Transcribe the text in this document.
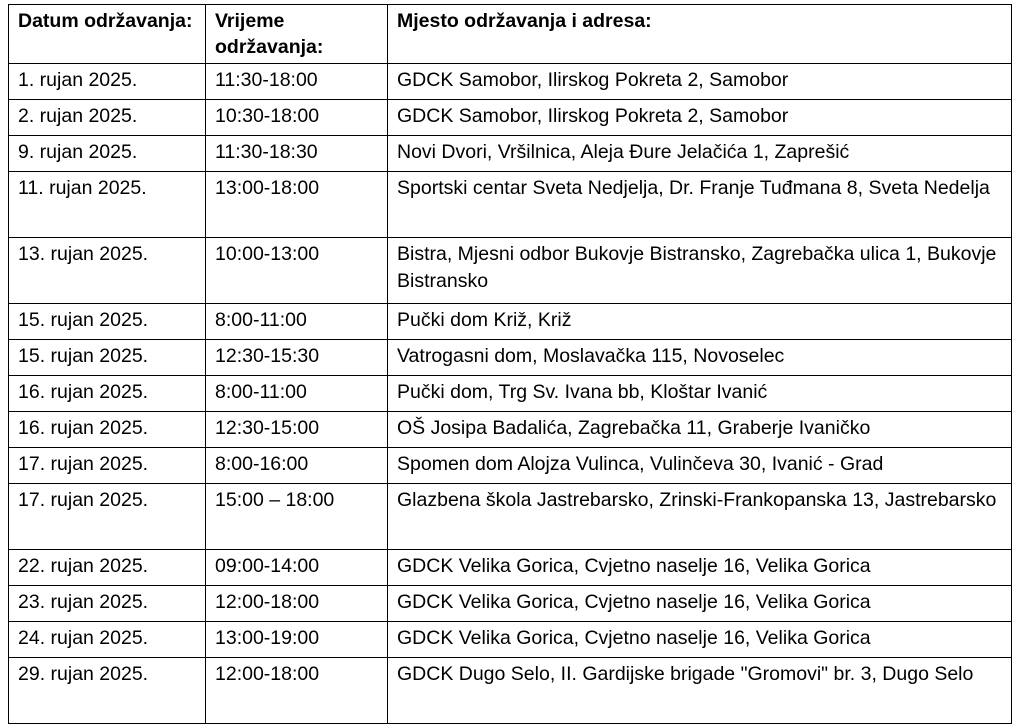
Datum održavanja:	Vrijeme održavanja:	Mjesto održavanja i adresa:
1. rujan 2025.	11:30-18:00	GDCK Samobor, Ilirskog Pokreta 2, Samobor
2. rujan 2025.	10:30-18:00	GDCK Samobor, Ilirskog Pokreta 2, Samobor
9. rujan 2025.	11:30-18:30	Novi Dvori, Vršilnica, Aleja Đure Jelačića 1, Zaprešić
11. rujan 2025.	13:00-18:00	Sportski centar Sveta Nedjelja, Dr. Franje Tuđmana 8, Sveta Nedelja
13. rujan 2025.	10:00-13:00	Bistra, Mjesni odbor Bukovje Bistransko, Zagrebačka ulica 1, Bukovje Bistransko
15. rujan 2025.	8:00-11:00	Pučki dom Križ, Križ
15. rujan 2025.	12:30-15:30	Vatrogasni dom, Moslavačka 115, Novoselec
16. rujan 2025.	8:00-11:00	Pučki dom, Trg Sv. Ivana bb, Kloštar Ivanić
16. rujan 2025.	12:30-15:00	OŠ Josipa Badalića, Zagrebačka 11, Graberje Ivaničko
17. rujan 2025.	8:00-16:00	Spomen dom Alojza Vulinca, Vulinčeva 30, Ivanić - Grad
17. rujan 2025.	15:00 – 18:00	Glazbena škola Jastrebarsko, Zrinski-Frankopanska 13, Jastrebarsko
22. rujan 2025.	09:00-14:00	GDCK Velika Gorica, Cvjetno naselje 16, Velika Gorica
23. rujan 2025.	12:00-18:00	GDCK Velika Gorica, Cvjetno naselje 16, Velika Gorica
24. rujan 2025.	13:00-19:00	GDCK Velika Gorica, Cvjetno naselje 16, Velika Gorica
29. rujan 2025.	12:00-18:00	GDCK Dugo Selo, II. Gardijske brigade "Gromovi" br. 3, Dugo Selo
